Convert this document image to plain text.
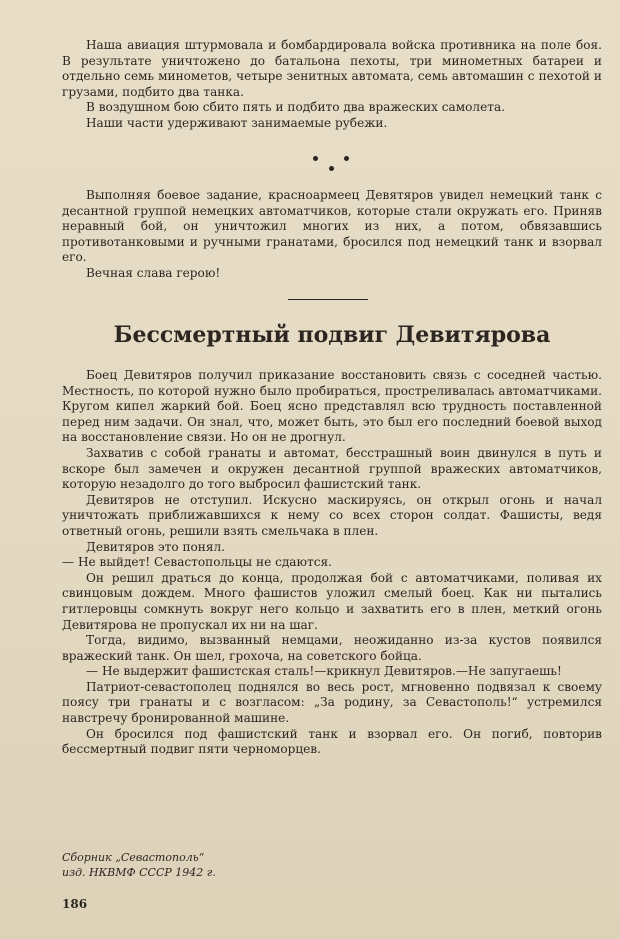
Наша авиация штурмовала и бомбардировала войска противника на поле боя. В результате уничтожено до батальона пехоты, три минометных батареи и отдельно семь минометов, четыре зенитных автомата, семь автомашин с пехотой и грузами, подбито два танка.

В воздушном бою сбито пять и подбито два вражеских самолета.

Наши части удерживают занимаемые рубежи.

Выполняя боевое задание, красноармеец Девятяров увидел немецкий танк с десантной группой немецких автоматчиков, которые стали окружать его. Приняв неравный бой, он уничтожил многих из них, а потом, обвязавшись противотанковыми и ручными гранатами, бросился под немецкий танк и взорвал его.

Вечная слава герою!

Бессмертный подвиг Девитярова

Боец Девитяров получил приказание восстановить связь с соседней частью. Местность, по которой нужно было пробираться, простреливалась автоматчиками. Кругом кипел жаркий бой. Боец ясно представлял всю трудность поставленной перед ним задачи. Он знал, что, может быть, это был его последний боевой выход на восстановление связи. Но он не дрогнул.

Захватив с собой гранаты и автомат, бесстрашный воин двинулся в путь и вскоре был замечен и окружен десантной группой вражеских автоматчиков, которую незадолго до того выбросил фашистский танк.

Девитяров не отступил. Искусно маскируясь, он открыл огонь и начал уничтожать приближавшихся к нему со всех сторон солдат. Фашисты, ведя ответный огонь, решили взять смельчака в плен.

Девитяров это понял.

— Не выйдет! Севастопольцы не сдаются.

Он решил драться до конца, продолжая бой с автоматчиками, поливая их свинцовым дождем. Много фашистов уложил смелый боец. Как ни пытались гитлеровцы сомкнуть вокруг него кольцо и захватить его в плен, меткий огонь Девитярова не пропускал их ни на шаг.

Тогда, видимо, вызванный немцами, неожиданно из-за кустов появился вражеский танк. Он шел, грохоча, на советского бойца.

— Не выдержит фашистская сталь!—крикнул Девитяров.—Не запугаешь!

Патриот-севастополец поднялся во весь рост, мгновенно подвязал к своему поясу три гранаты и с возгласом: „За родину, за Севастополь!“ устремился навстречу бронированной машине.

Он бросился под фашистский танк и взорвал его. Он погиб, повторив бессмертный подвиг пяти черноморцев.

Сборник „Севастополь“
изд. НКВМФ СССР 1942 г.
186
